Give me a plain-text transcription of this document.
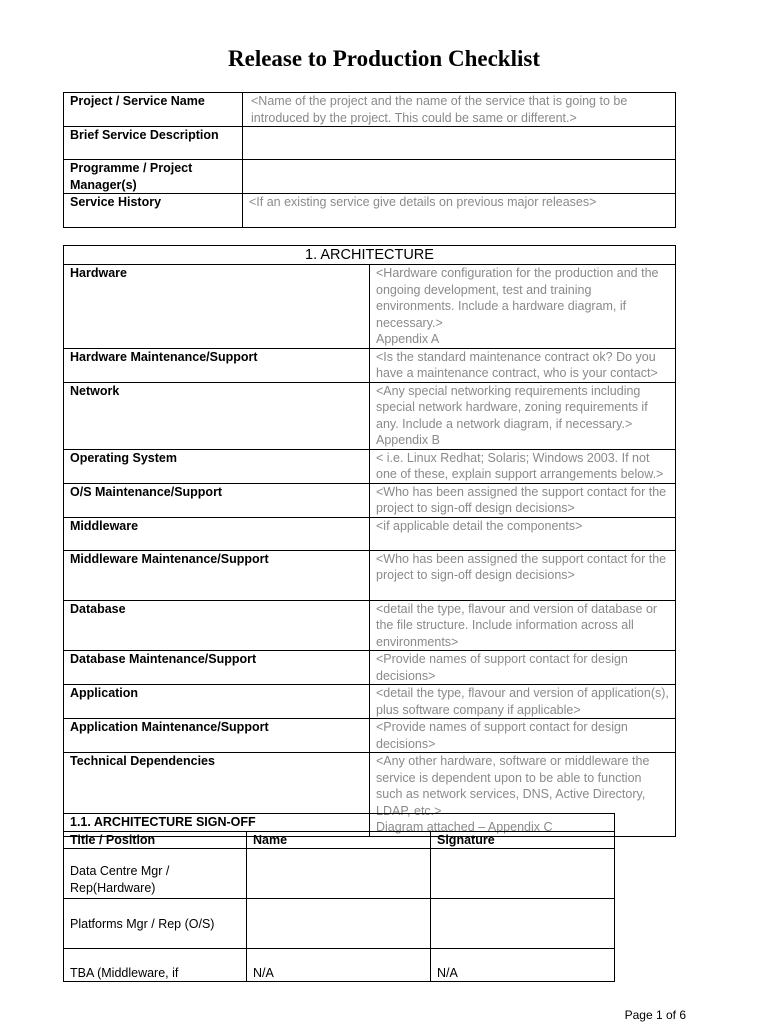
Release to Production Checklist
Project / Service Name	<Name of the project and the name of the service that is going to be introduced by the project. This could be same or different.>
Brief Service Description	
Programme / Project Manager(s)	
Service History	<If an existing service give details on previous major releases>
1. ARCHITECTURE	
Hardware	<Hardware configuration for the production and the ongoing development, test and training environments. Include a hardware diagram, if necessary.>
Appendix A
Hardware Maintenance/Support	<Is the standard maintenance contract ok? Do you have a maintenance contract, who is your contact>
Network	<Any special networking requirements including special network hardware, zoning requirements if any. Include a network diagram, if necessary.>
Appendix B
Operating System	< i.e. Linux Redhat; Solaris; Windows 2003. If not one of these, explain support arrangements below.>
O/S Maintenance/Support	<Who has been assigned the support contact for the project to sign-off design decisions>
Middleware	<if applicable detail the components>
Middleware Maintenance/Support	<Who has been assigned the support contact for the project to sign-off design decisions>
Database	<detail the type, flavour and version of database or the file structure. Include information across all environments>
Database Maintenance/Support	<Provide names of support contact for design decisions>
Application	<detail the type, flavour and version of application(s), plus software company if applicable>
Application Maintenance/Support	<Provide names of support contact for design decisions>
Technical Dependencies	<Any other hardware, software or middleware the service is dependent upon to be able to function such as network services, DNS, Active Directory, LDAP, etc.>
Diagram attached – Appendix C
1.1. ARCHITECTURE SIGN-OFF		
Title / Position	Name	Signature
Data Centre Mgr / Rep(Hardware)		
Platforms Mgr / Rep (O/S)		
TBA (Middleware, if	N/A	N/A
Page 1 of 6
